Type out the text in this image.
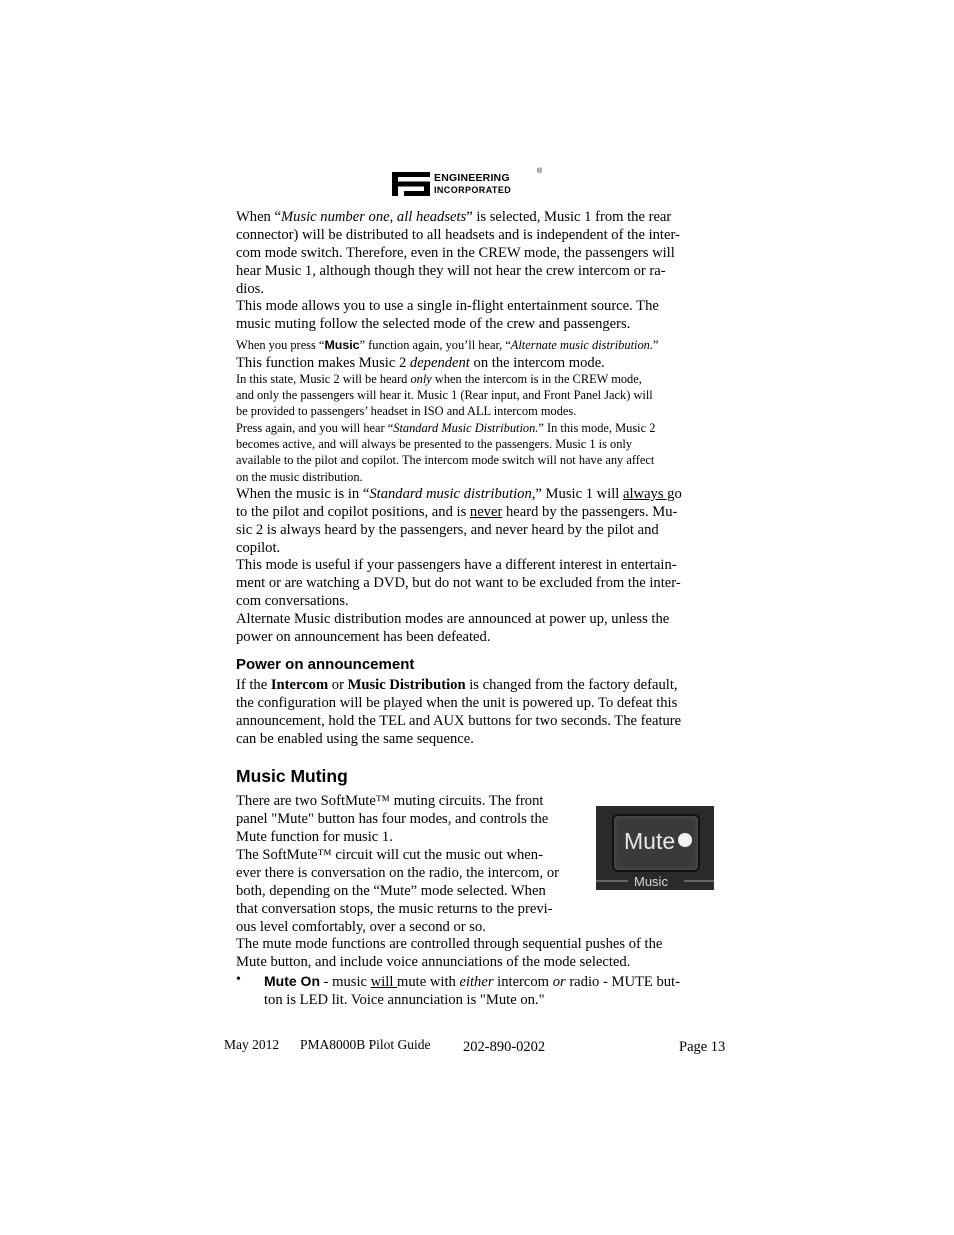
ENGINEERING
INCORPORATED
®

When “Music number one, all headsets” is selected, Music 1 from the rear

connector) will be distributed to all headsets and is independent of the inter-

com mode switch. Therefore, even in the CREW mode, the passengers will

hear Music 1, although though they will not hear the crew intercom or ra-

dios.

This mode allows you to use a single in-flight entertainment source. The

music muting follow the selected mode of the crew and passengers.

When you press “Music” function again, you’ll hear, “Alternate music distribution.”

This function makes Music 2 dependent on the intercom mode.

In this state, Music 2 will be heard only when the intercom is in the CREW mode,

and only the passengers will hear it. Music 1 (Rear input, and Front Panel Jack) will

be provided to passengers’ headset in ISO and ALL intercom modes.

Press again, and you will hear “Standard Music Distribution.” In this mode, Music 2

becomes active, and will always be presented to the passengers. Music 1 is only

available to the pilot and copilot. The intercom mode switch will not have any affect

on the music distribution.

When the music is in “Standard music distribution,” Music 1 will always go

to the pilot and copilot positions, and is never heard by the passengers. Mu-

sic 2 is always heard by the passengers, and never heard by the pilot and

copilot.

This mode is useful if your passengers have a different interest in entertain-

ment or are watching a DVD, but do not want to be excluded from the inter-

com conversations.

Alternate Music distribution modes are announced at power up, unless the

power on announcement has been defeated.

Power on announcement

If the Intercom or Music Distribution is changed from the factory default,

the configuration will be played when the unit is powered up. To defeat this

announcement, hold the TEL and AUX buttons for two seconds. The feature

can be enabled using the same sequence.

Music Muting

There are two SoftMute™ muting circuits. The front

panel "Mute" button has four modes, and controls the

Mute function for music 1.

The SoftMute™ circuit will cut the music out when-

ever there is conversation on the radio, the intercom, or

both, depending on the “Mute” mode selected. When

that conversation stops, the music returns to the previ-

ous level comfortably, over a second or so.

Mute
Music

The mute mode functions are controlled through sequential pushes of the

Mute button, and include voice annunciations of the mode selected.

• Mute On - music will mute with either intercom or radio - MUTE but-

ton is LED lit. Voice annunciation is "Mute on."

May 2012 PMA8000B Pilot Guide 202-890-0202	Page 13
